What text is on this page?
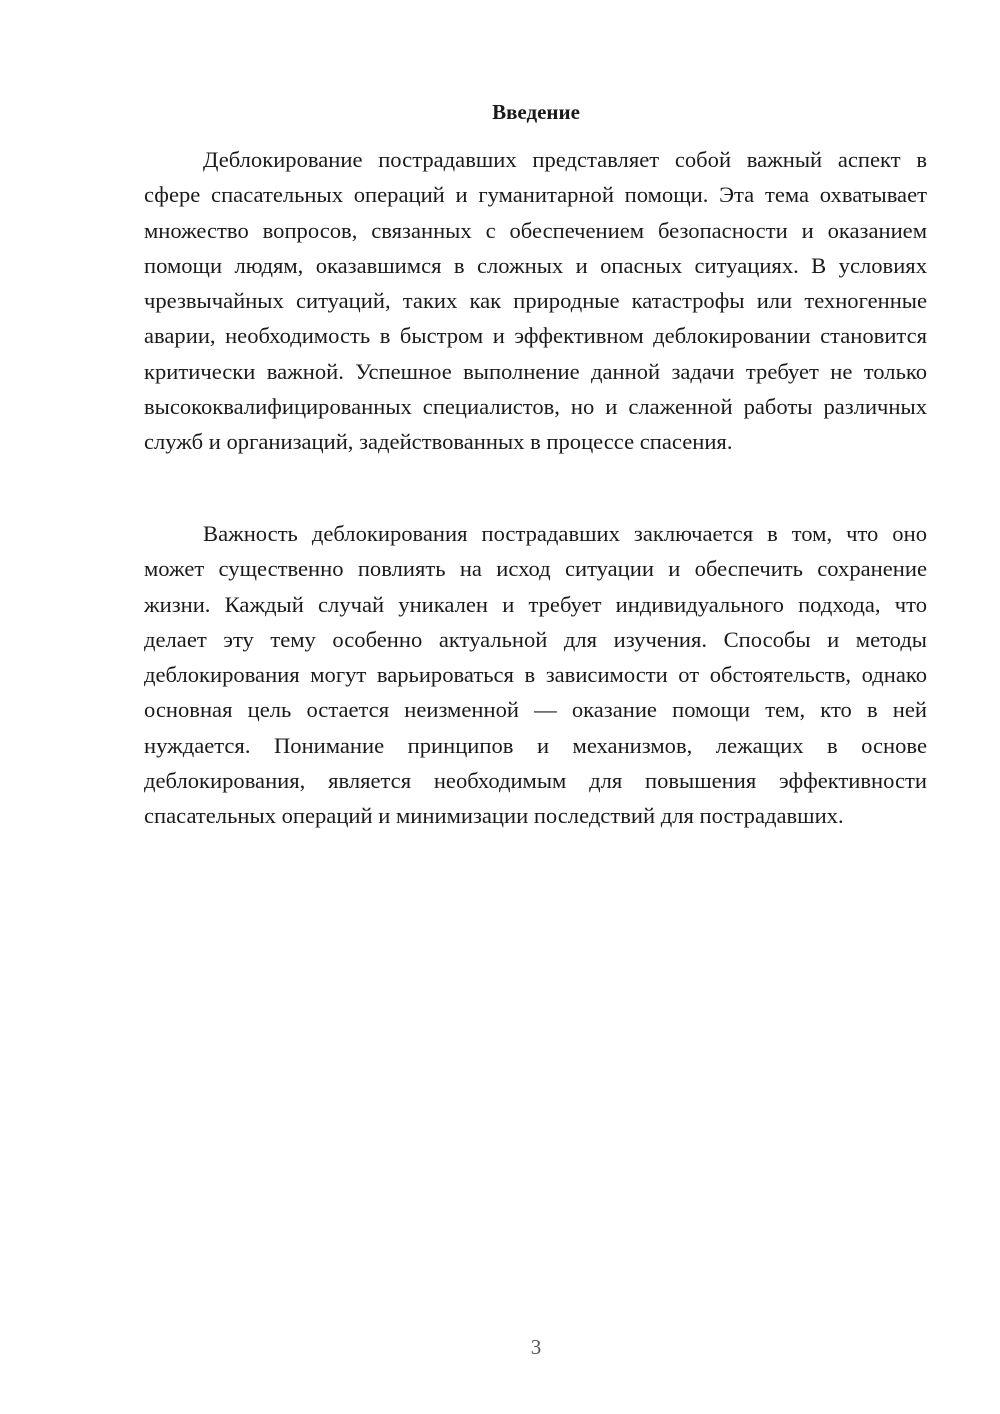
Введение

Деблокирование пострадавших представляет собой важный аспект в сфере спасательных операций и гуманитарной помощи. Эта тема охватывает множество вопросов, связанных с обеспечением безопасности и оказанием помощи людям, оказавшимся в сложных и опасных ситуациях. В условиях чрезвычайных ситуаций, таких как природные катастрофы или техногенные аварии, необходимость в быстром и эффективном деблокировании становится критически важной. Успешное выполнение данной задачи требует не только высококвалифицированных специалистов, но и слаженной работы различных служб и организаций, задействованных в процессе спасения.

Важность деблокирования пострадавших заключается в том, что оно может существенно повлиять на исход ситуации и обеспечить сохранение жизни. Каждый случай уникален и требует индивидуального подхода, что делает эту тему особенно актуальной для изучения. Способы и методы деблокирования могут варьироваться в зависимости от обстоятельств, однако основная цель остается неизменной — оказание помощи тем, кто в ней нуждается. Понимание принципов и механизмов, лежащих в основе деблокирования, является необходимым для повышения эффективности спасательных операций и минимизации последствий для пострадавших.

3
